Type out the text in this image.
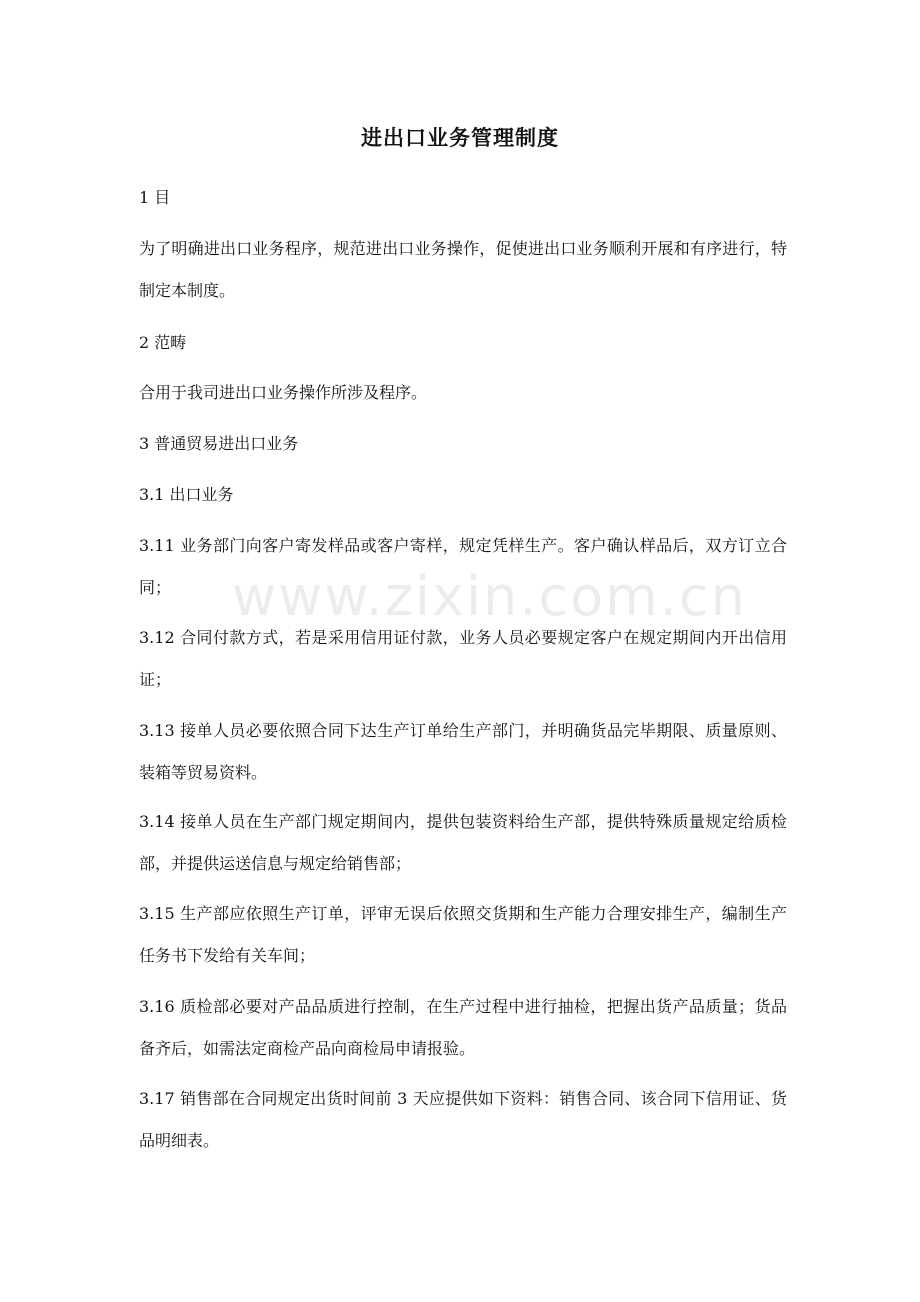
www.zixin.com.cn
进出口业务管理制度

1 目

为了明确进出口业务程序，规范进出口业务操作，促使进出口业务顺利开展和有序进行，特制定本制度。

2 范畴

合用于我司进出口业务操作所涉及程序。

3 普通贸易进出口业务

3.1 出口业务

3.11 业务部门向客户寄发样品或客户寄样，规定凭样生产。客户确认样品后，双方订立合同；

3.12 合同付款方式，若是采用信用证付款，业务人员必要规定客户在规定期间内开出信用证；

3.13 接单人员必要依照合同下达生产订单给生产部门，并明确货品完毕期限、质量原则、装箱等贸易资料。

3.14 接单人员在生产部门规定期间内，提供包装资料给生产部，提供特殊质量规定给质检部，并提供运送信息与规定给销售部；

3.15 生产部应依照生产订单，评审无误后依照交货期和生产能力合理安排生产，编制生产任务书下发给有关车间；

3.16 质检部必要对产品品质进行控制，在生产过程中进行抽检，把握出货产品质量；货品备齐后，如需法定商检产品向商检局申请报验。

3.17 销售部在合同规定出货时间前 3 天应提供如下资料：销售合同、该合同下信用证、货品明细表。
